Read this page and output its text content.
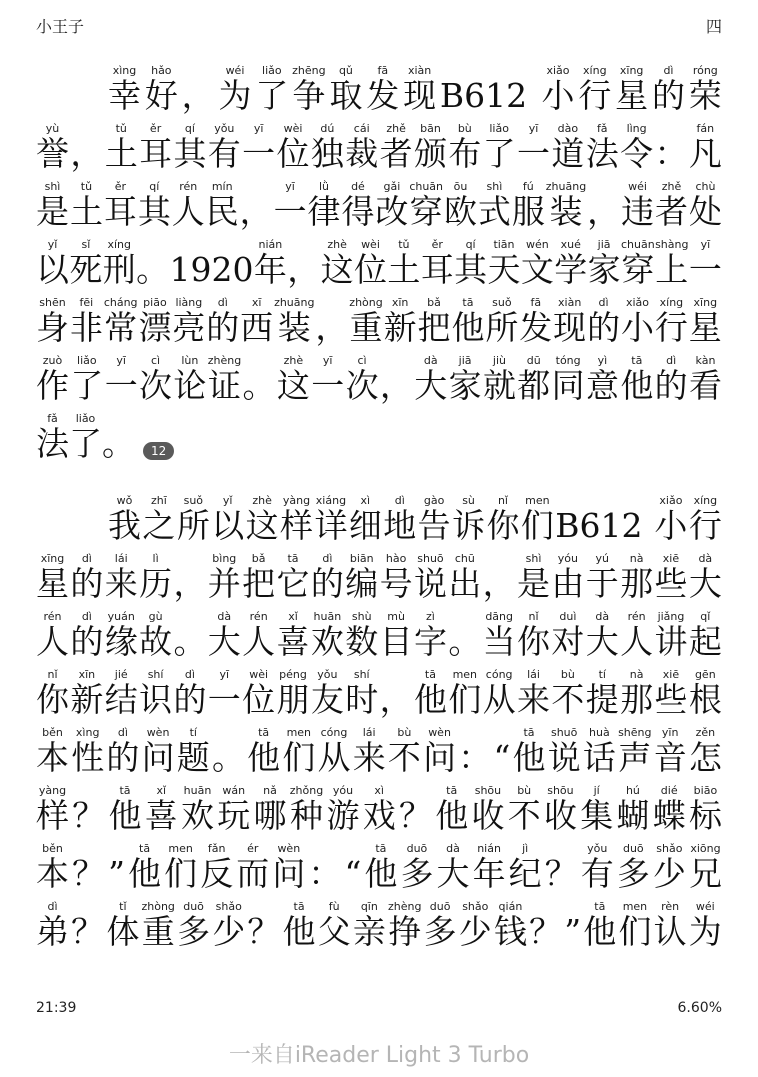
小王子	四
幸xìng
好hǎo
， 为wéi
了liǎo
争zhēng
取qǔ
发fā
现xiàn
B612 小xiǎo
行xíng
星xīng
的dì
荣róng
誉yù
， 土tǔ
耳ěr
其qí
有yǒu
一yī
位wèi
独dú
裁cái
者zhě
颁bān
布bù
了liǎo
一yī
道dào
法fǎ
令lìng
： 凡fán
是shì
土tǔ
耳ěr
其qí
人rén
民mín
， 一yī
律lǜ
得dé
改gǎi
穿chuān
欧ōu
式shì
服fú
装zhuāng
， 违wéi
者zhě
处chù
以yǐ
死sǐ
刑xíng
。 1920 年nián
， 这zhè
位wèi
土tǔ
耳ěr
其qí
天tiān
文wén
学xué
家jiā
穿chuān
上shàng
一yī
身shēn
非fēi
常cháng
漂piāo
亮liàng
的dì
西xī
装zhuāng
， 重zhòng
新xīn
把bǎ
他tā
所suǒ
发fā
现xiàn
的dì
小xiǎo
行xíng
星xīng
作zuò
了liǎo
一yī
次cì
论lùn
证zhèng
。 这zhè
一yī
次cì
， 大dà
家jiā
就jiù
都dū
同tóng
意yì
他tā
的dì
看kàn
法fǎ
了liǎo
。	12
我wǒ
之zhī
所suǒ
以yǐ
这zhè
样yàng
详xiáng
细xì
地dì
告gào
诉sù
你nǐ
们men
B612 小xiǎo
行xíng
星xīng
的dì
来lái
历lì
， 并bìng
把bǎ
它tā
的dì
编biān
号hào
说shuō
出chū
， 是shì
由yóu
于yú
那nà
些xiē
大dà
人rén
的dì
缘yuán
故gù
。 大dà
人rén
喜xǐ
欢huān
数shù
目mù
字zì
。 当dāng
你nǐ
对duì
大dà
人rén
讲jiǎng
起qǐ
你nǐ
新xīn
结jié
识shí
的dì
一yī
位wèi
朋péng
友yǒu
时shí
， 他tā
们men
从cóng
来lái
不bù
提tí
那nà
些xiē
根gēn
本běn
性xìng
的dì
问wèn
题tí
。 他tā
们men
从cóng
来lái
不bù
问wèn
： “ 他tā
说shuō
话huà
声shēng
音yīn
怎zěn
样yàng
？ 他tā
喜xǐ
欢huān
玩wán
哪nǎ
种zhǒng
游yóu
戏xì
？ 他tā
收shōu
不bù
收shōu
集jí
蝴hú
蝶dié
标biāo
本běn
？ ” 他tā
们men
反fǎn
而ér
问wèn
： “ 他tā
多duō
大dà
年nián
纪jì
？ 有yǒu
多duō
少shǎo
兄xiōng
弟dì
？ 体tǐ
重zhòng
多duō
少shǎo
？ 他tā
父fù
亲qīn
挣zhèng
多duō
少shǎo
钱qián
？ ” 他tā
们men
认rèn
为wéi
21:39	6.60%
一来自iReader Light 3 Turbo
